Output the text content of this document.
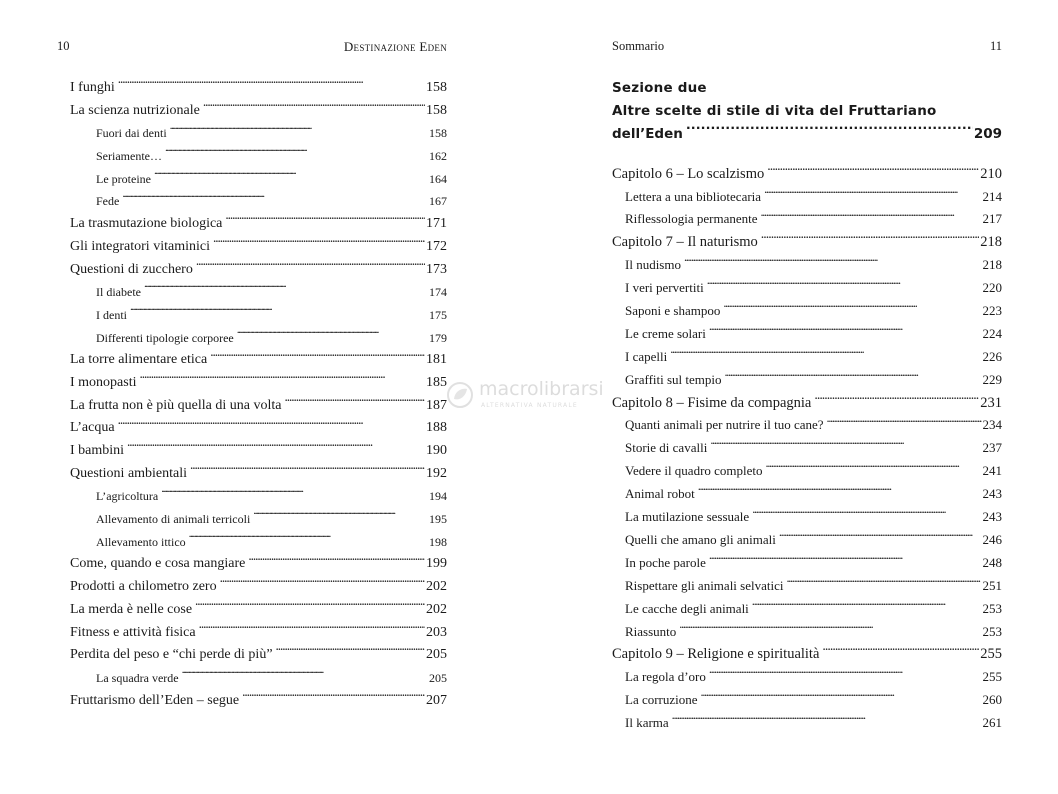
10	Destinazione Eden
I funghi . . .	158
La scienza nutrizionale . . .	158
Fuori dai denti . . .	158
Seriamente… . . .	162
Le proteine . . .	164
Fede . . .	167
La trasmutazione biologica . . .	171
Gli integratori vitaminici . . .	172
Questioni di zucchero . . .	173
Il diabete . . .	174
I denti . . .	175
Differenti tipologie corporee . . .	179
La torre alimentare etica . . .	181
I monopasti . . .	185
La frutta non è più quella di una volta . . .	187
L’acqua . . .	188
I bambini . . .	190
Questioni ambientali . . .	192
L’agricoltura . . .	194
Allevamento di animali terricoli . . .	195
Allevamento ittico . . .	198
Come, quando e cosa mangiare . . .	199
Prodotti a chilometro zero . . .	202
La merda è nelle cose . . .	202
Fitness e attività fisica . . .	203
Perdita del peso e “chi perde di più” . . .	205
La squadra verde . . .	205
Fruttarismo dell’Eden – segue . . .	207
Sommario	11
Sezione due
Altre scelte di stile di vita del Fruttariano
dell’Eden . . .	209
Capitolo 6 – Lo scalzismo . . .	210
Lettera a una bibliotecaria . . .	214
Riflessologia permanente . . .	217
Capitolo 7 – Il naturismo . . .	218
Il nudismo . . .	218
I veri pervertiti . . .	220
Saponi e shampoo . . .	223
Le creme solari . . .	224
I capelli . . .	226
Graffiti sul tempio . . .	229
Capitolo 8 – Fisime da compagnia . . .	231
Quanti animali per nutrire il tuo cane? . . .	234
Storie di cavalli . . .	237
Vedere il quadro completo . . .	241
Animal robot . . .	243
La mutilazione sessuale . . .	243
Quelli che amano gli animali . . .	246
In poche parole . . .	248
Rispettare gli animali selvatici . . .	251
Le cacche degli animali . . .	253
Riassunto . . .	253
Capitolo 9 – Religione e spiritualità . . .	255
La regola d’oro . . .	255
La corruzione . . .	260
Il karma . . .	261
macrolibrarsi
ALTERNATIVA NATURALE
